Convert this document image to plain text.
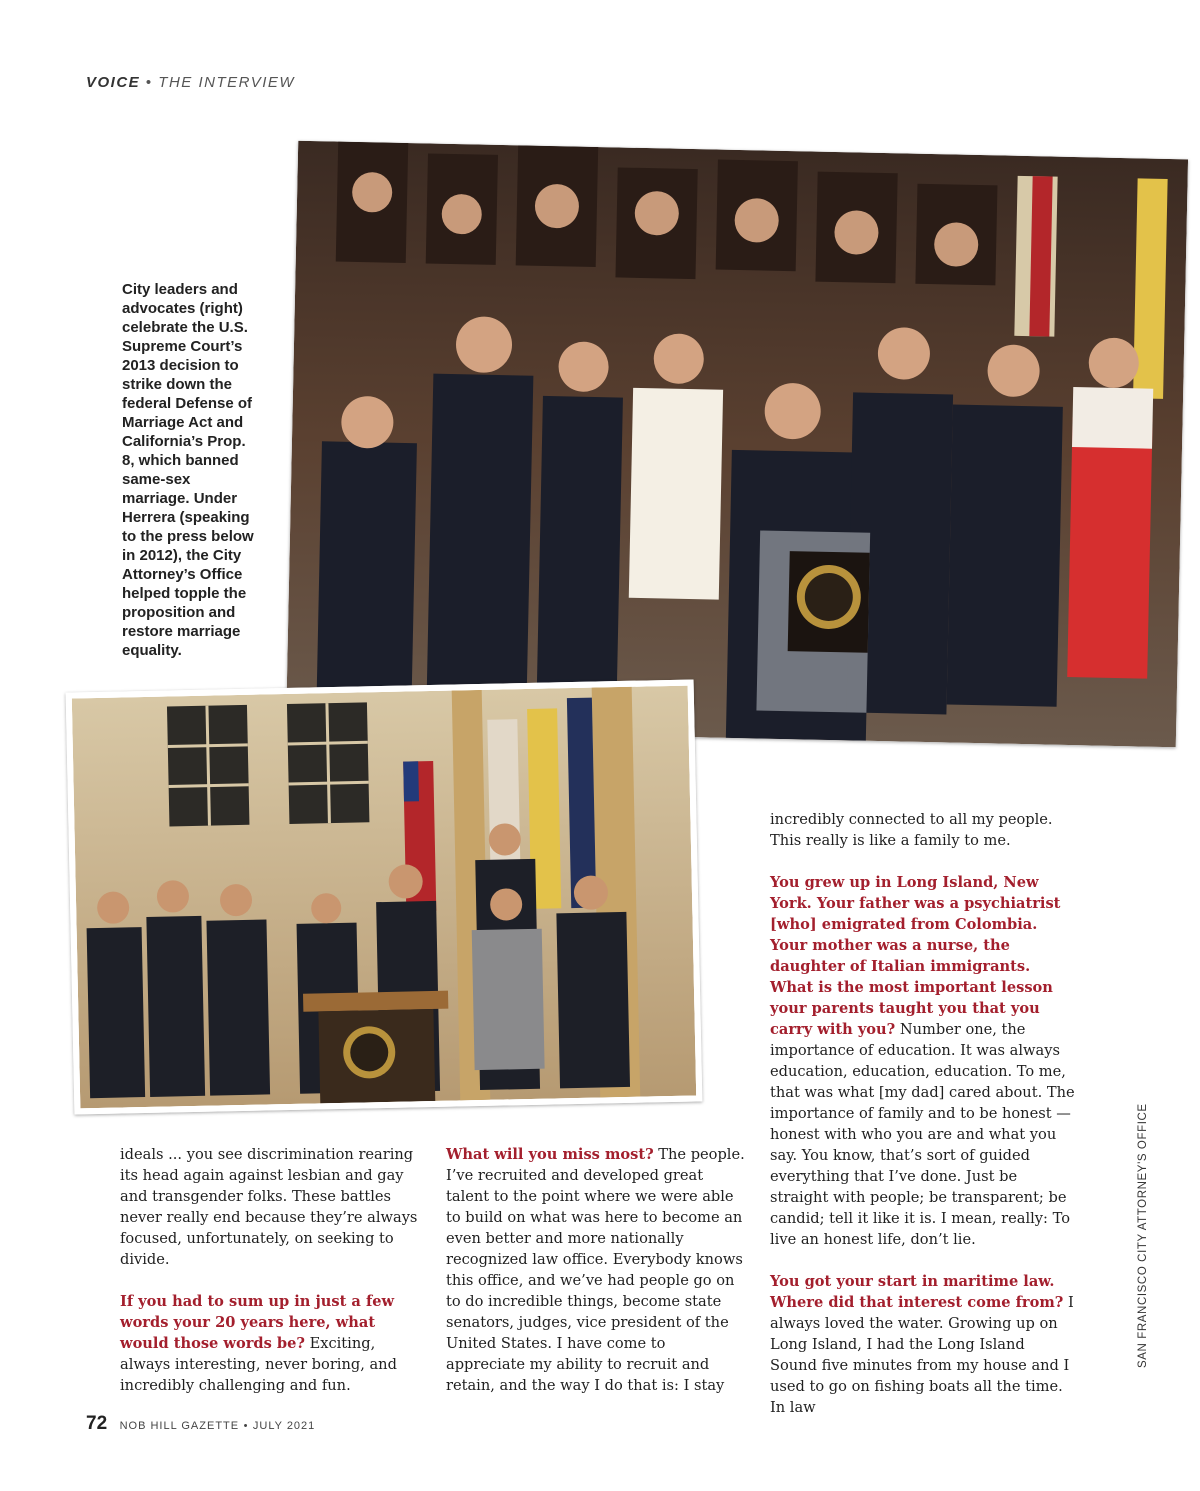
VOICE • THE INTERVIEW
City leaders and advocates (right) celebrate the U.S. Supreme Court’s 2013 decision to strike down the federal Defense of Marriage Act and California’s Prop. 8, which banned same-sex marriage. Under Herrera (speaking to the press below in 2012), the City Attorney’s Office helped topple the proposition and restore marriage equality.

ideals ... you see discrimination rearing its head again against lesbian and gay and transgender folks. These battles never really end because they’re always focused, unfortunately, on seeking to divide.

If you had to sum up in just a few words your 20 years here, what would those words be? Exciting, always interesting, never boring, and incredibly challenging and fun.

What will you miss most? The people. I’ve recruited and developed great talent to the point where we were able to build on what was here to become an even better and more nationally recognized law office. Everybody knows this office, and we’ve had people go on to do incredible things, become state senators, judges, vice president of the United States. I have come to appreciate my ability to recruit and retain, and the way I do that is: I stay

incredibly connected to all my people. This really is like a family to me.

You grew up in Long Island, New York. Your father was a psychiatrist [who] emigrated from Colombia. Your mother was a nurse, the daughter of Italian immigrants. What is the most important lesson your parents taught you that you carry with you? Number one, the importance of education. It was always education, education, education. To me, that was what [my dad] cared about. The importance of family and to be honest — honest with who you are and what you say. You know, that’s sort of guided everything that I’ve done. Just be straight with people; be transparent; be candid; tell it like it is. I mean, really: To live an honest life, don’t lie.

You got your start in maritime law. Where did that interest come from? I always loved the water. Growing up on Long Island, I had the Long Island Sound five minutes from my house and I used to go on fishing boats all the time. In law

SAN FRANCISCO CITY ATTORNEY'S OFFICE
72 NOB HILL GAZETTE • JULY 2021
